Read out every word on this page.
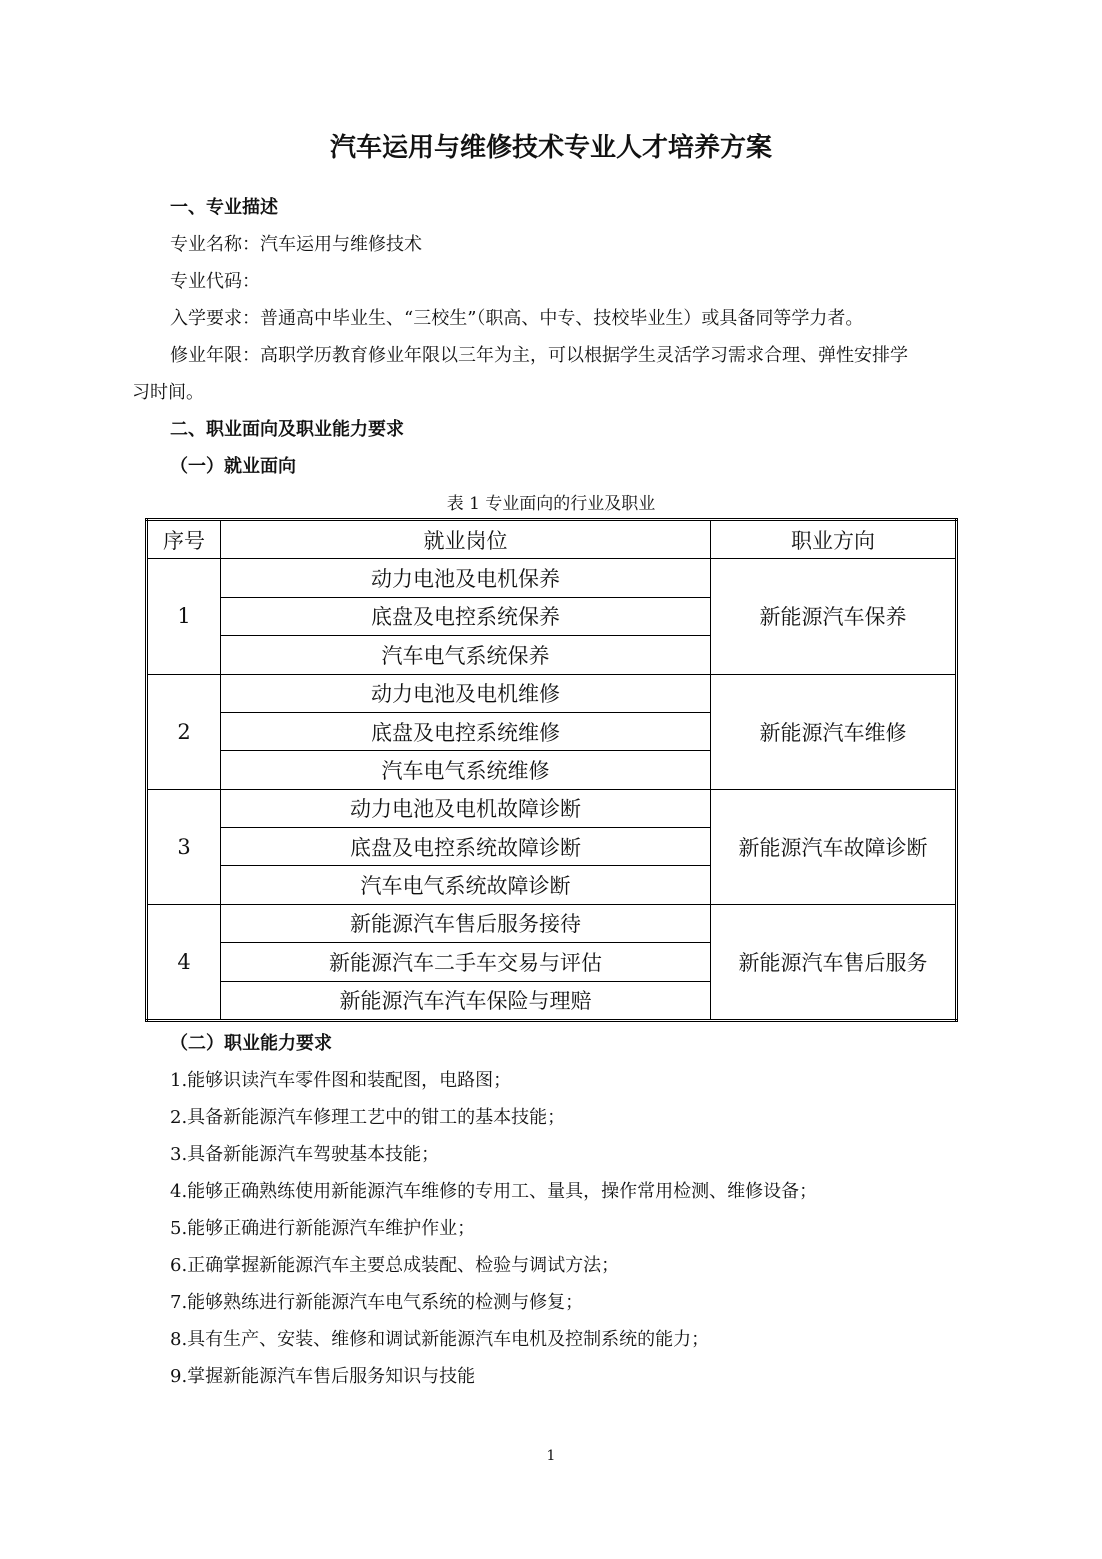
汽车运用与维修技术专业人才培养方案
一、专业描述
专业名称：汽车运用与维修技术
专业代码：
入学要求：普通高中毕业生、“三校生”（职高、中专、技校毕业生）或具备同等学力者。
修业年限：高职学历教育修业年限以三年为主，可以根据学生灵活学习需求合理、弹性安排学
习时间。
二、职业面向及职业能力要求
（一）就业面向
表 1 专业面向的行业及职业
序号	就业岗位	职业方向
1	动力电池及电机保养	新能源汽车保养
	底盘及电控系统保养	
	汽车电气系统保养	
2	动力电池及电机维修	新能源汽车维修
	底盘及电控系统维修	
	汽车电气系统维修	
3	动力电池及电机故障诊断	新能源汽车故障诊断
	底盘及电控系统故障诊断	
	汽车电气系统故障诊断	
4	新能源汽车售后服务接待	新能源汽车售后服务
	新能源汽车二手车交易与评估	
	新能源汽车汽车保险与理赔	
（二）职业能力要求
1.能够识读汽车零件图和装配图，电路图；
2.具备新能源汽车修理工艺中的钳工的基本技能；
3.具备新能源汽车驾驶基本技能；
4.能够正确熟练使用新能源汽车维修的专用工、量具，操作常用检测、维修设备；
5.能够正确进行新能源汽车维护作业；
6.正确掌握新能源汽车主要总成装配、检验与调试方法；
7.能够熟练进行新能源汽车电气系统的检测与修复；
8.具有生产、安装、维修和调试新能源汽车电机及控制系统的能力；
9.掌握新能源汽车售后服务知识与技能
1
